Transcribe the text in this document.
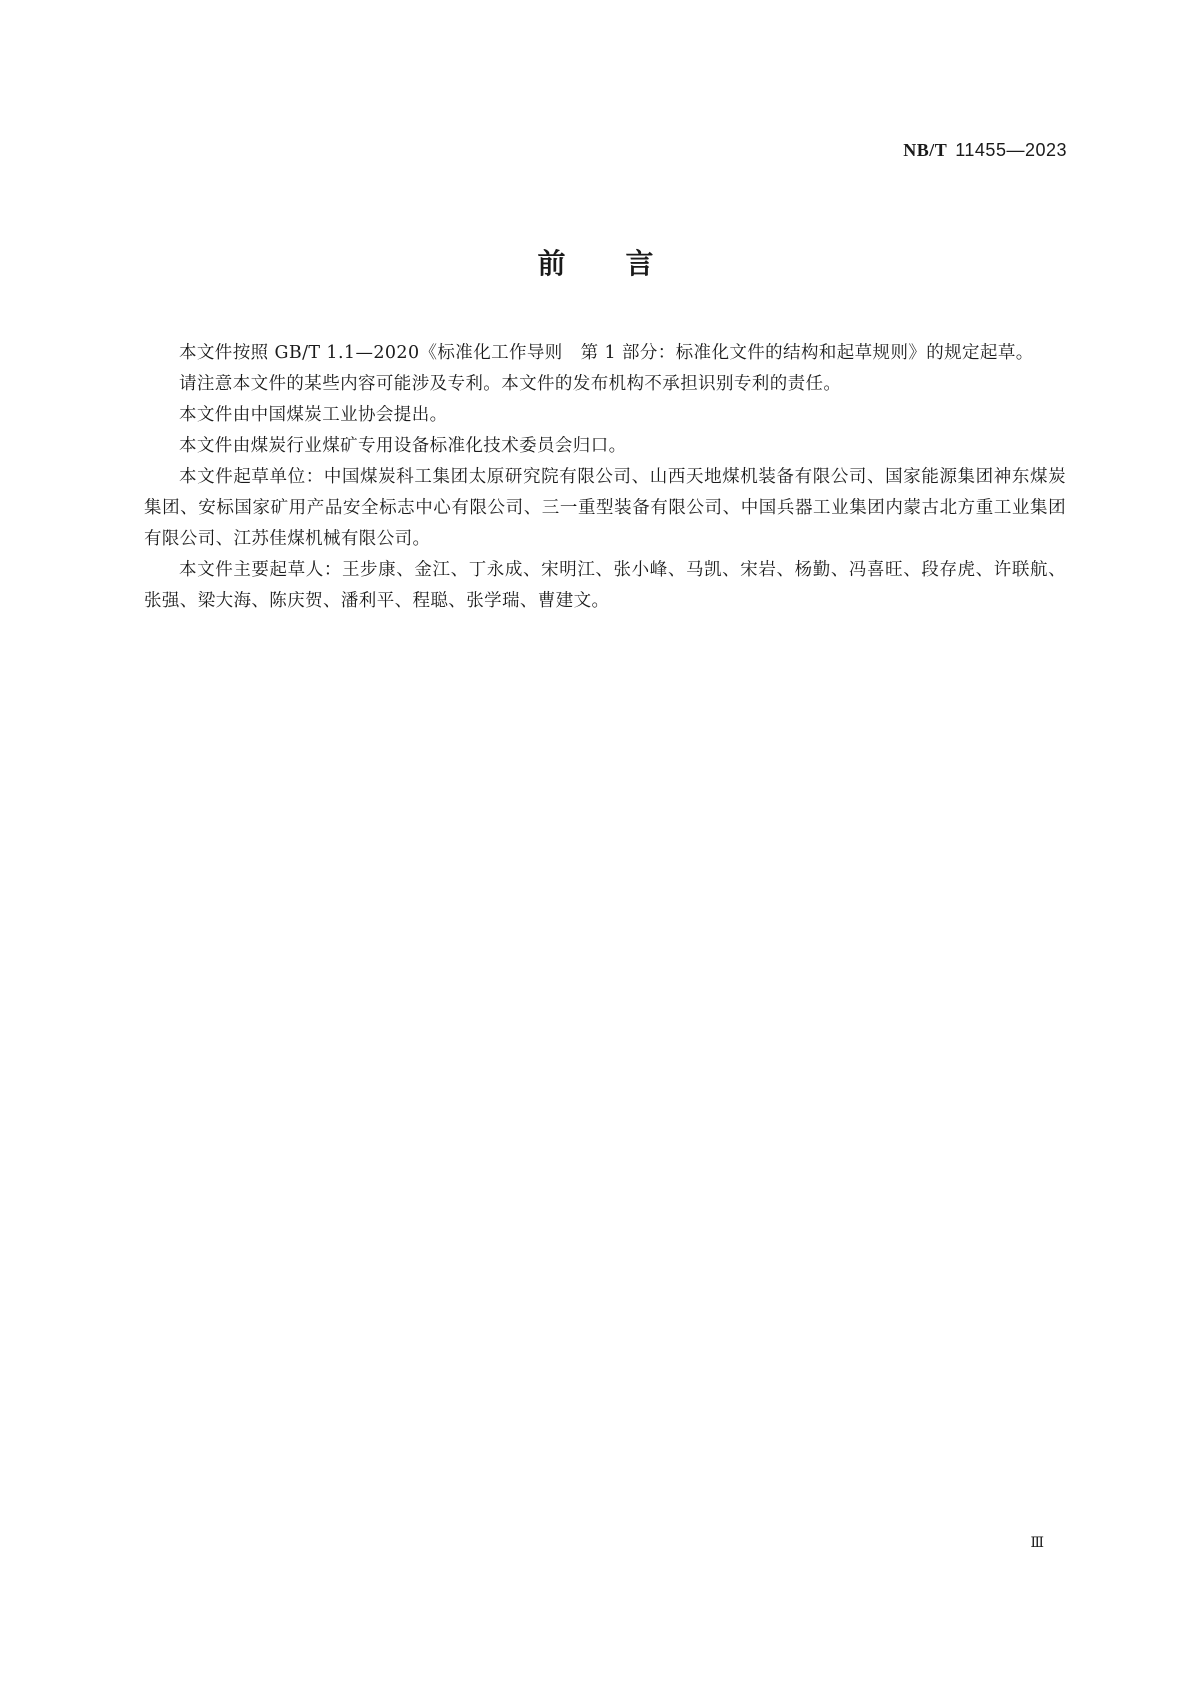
NB/T 11455—2023
前言

本文件按照 GB/T 1.1—2020《标准化工作导则　第 1 部分：标准化文件的结构和起草规则》的规定起草。

请注意本文件的某些内容可能涉及专利。本文件的发布机构不承担识别专利的责任。

本文件由中国煤炭工业协会提出。

本文件由煤炭行业煤矿专用设备标准化技术委员会归口。

本文件起草单位：中国煤炭科工集团太原研究院有限公司、山西天地煤机装备有限公司、国家能源集团神东煤炭集团、安标国家矿用产品安全标志中心有限公司、三一重型装备有限公司、中国兵器工业集团内蒙古北方重工业集团有限公司、江苏佳煤机械有限公司。

本文件主要起草人：王步康、金江、丁永成、宋明江、张小峰、马凯、宋岩、杨勤、冯喜旺、段存虎、许联航、张强、梁大海、陈庆贺、潘利平、程聪、张学瑞、曹建文。

Ⅲ
